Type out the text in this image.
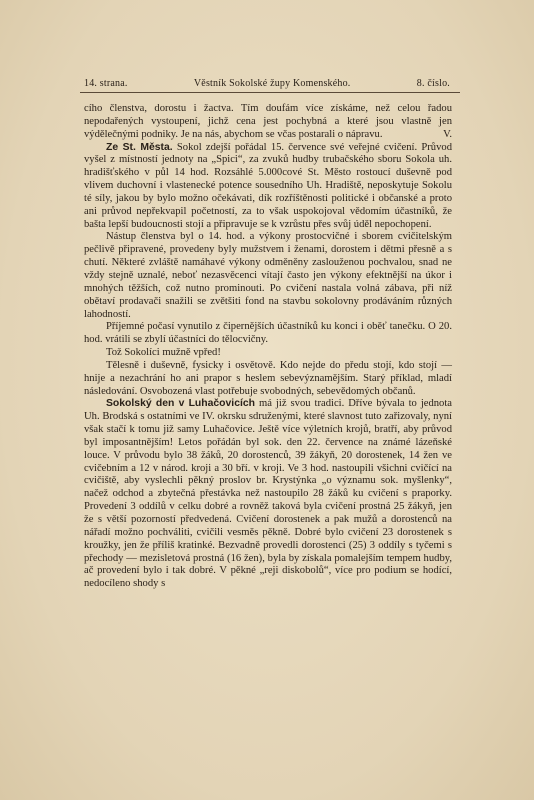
14. strana.	Věstník Sokolské župy Komenského.	8. číslo.

cího členstva, dorostu i žactva. Tím doufám více získáme, než celou řadou nepodařených vystoupení, jichž cena jest pochybná a které jsou vlastně jen výdělečnými podniky. Je na nás, abychom se včas postarali o nápravu.	V.

Ze St. Města. Sokol zdejší pořádal 15. července své veřejné cvičení. Průvod vyšel z místností jednoty na „Spici“, za zvuků hudby trubačského sboru Sokola uh. hradišťského v půl 14 hod. Rozsáhlé 5.000cové St. Město rostoucí duševně pod vlivem duchovní i vlastenecké potence sousedního Uh. Hradiště, neposkytuje Sokolu té síly, jakou by bylo možno očekávati, dík rozříštěnosti politické i občanské a proto ani průvod nepřekvapil početností, za to však uspokojoval vědomím účastníků, že bašta lepší budoucnosti stojí a připravuje se k vzrůstu přes svůj úděl nepochopení.

Nástup členstva byl o 14. hod. a výkony prostocvičné i sborem cvičitelským pečlivě připravené, provedeny byly mužstvem i ženami, dorostem i dětmi přesně a s chutí. Některé zvláště namáhavé výkony odměněny zaslouženou pochvalou, snad ne vždy stejně uznalé, neboť nezasvěcenci vítají často jen výkony efektnější na úkor i mnohých těžších, což nutno prominouti. Po cvičení nastala volná zábava, při níž obětaví prodavači snažili se zvětšiti fond na stavbu sokolovny prodáváním různých lahodností.

Příjemné počasí vynutilo z čipernějších účastníků ku konci i oběť tanečku. O 20. hod. vrátili se zbylí účastníci do tělocvičny.

Tož Sokolíci mužně vpřed!

Tělesně i duševně, fysicky i osvětově. Kdo nejde do předu stojí, kdo stojí — hnije a nezachrání ho ani prapor s heslem sebevýznamějším. Starý příklad, mladí následování. Osvobozená vlast potřebuje svobodných, sebevědomých občanů.

Sokolský den v Luhačovicích má již svou tradici. Dříve bývala to jednota Uh. Brodská s ostatními ve IV. okrsku sdruženými, které slavnost tuto zařizovaly, nyní však stačí k tomu již samy Luhačovice. Ještě více výletních krojů, bratří, aby průvod byl imposantnějším! Letos pořádán byl sok. den 22. července na známé lázeňské louce. V průvodu bylo 38 žáků, 20 dorostenců, 39 žákyň, 20 dorostenek, 14 žen ve cvičebním a 12 v národ. kroji a 30 bří. v kroji. Ve 3 hod. nastoupili všichni cvičící na cvičiště, aby vyslechli pěkný proslov br. Krystýnka „o významu sok. myšlenky“, načež odchod a zbytečná přestávka než nastoupilo 28 žáků ku cvičení s praporky. Provedení 3 oddílů v celku dobré a rovněž taková byla cvičení prostná 25 žákyň, jen že s větší pozorností předvedená. Cvičení dorostenek a pak mužů a dorostenců na nářadí možno pochváliti, cvičili vesměs pěkně. Dobré bylo cvičení 23 dorostenek s kroužky, jen že příliš kratinké. Bezvadně provedli dorostenci (25) 3 oddíly s tyčemi s přechody — mezisletová prostná (16 žen), byla by získala pomalejším tempem hudby, ač provedení bylo i tak dobré. V pěkné „reji diskobolů“, více pro podium se hodící, nedocíleno shody s
